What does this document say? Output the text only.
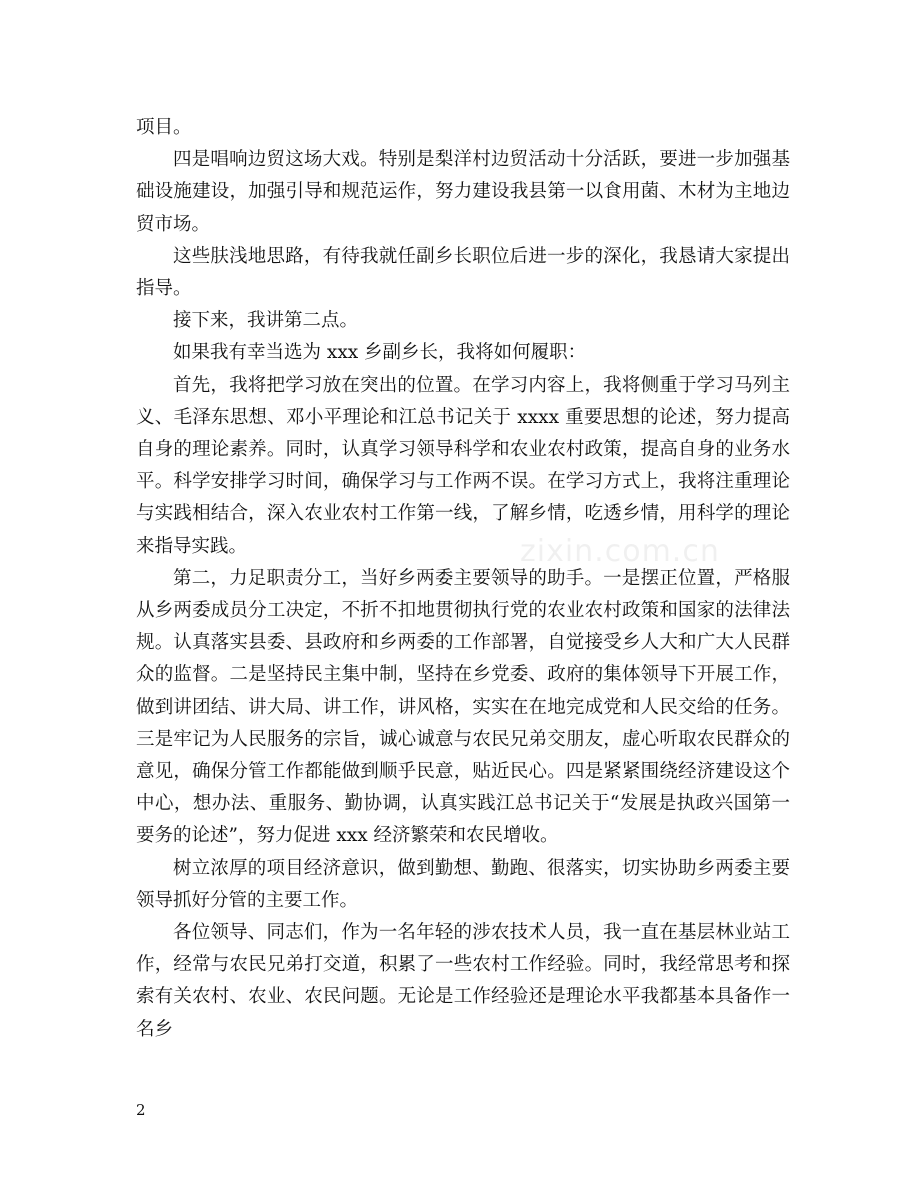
项目。

四是唱响边贸这场大戏。特别是梨洋村边贸活动十分活跃，要进一步加强基础设施建设，加强引导和规范运作，努力建设我县第一以食用菌、木材为主地边贸市场。

这些肤浅地思路，有待我就任副乡长职位后进一步的深化，我恳请大家提出指导。

接下来，我讲第二点。

如果我有幸当选为 xxx 乡副乡长，我将如何履职：

首先，我将把学习放在突出的位置。在学习内容上，我将侧重于学习马列主义、毛泽东思想、邓小平理论和江总书记关于 xxxx 重要思想的论述，努力提高自身的理论素养。同时，认真学习领导科学和农业农村政策，提高自身的业务水平。科学安排学习时间，确保学习与工作两不误。在学习方式上，我将注重理论与实践相结合，深入农业农村工作第一线，了解乡情，吃透乡情，用科学的理论来指导实践。

第二，力足职责分工，当好乡两委主要领导的助手。一是摆正位置，严格服从乡两委成员分工决定，不折不扣地贯彻执行党的农业农村政策和国家的法律法规。认真落实县委、县政府和乡两委的工作部署，自觉接受乡人大和广大人民群众的监督。二是坚持民主集中制，坚持在乡党委、政府的集体领导下开展工作，做到讲团结、讲大局、讲工作，讲风格，实实在在地完成党和人民交给的任务。三是牢记为人民服务的宗旨，诚心诚意与农民兄弟交朋友，虚心听取农民群众的意见，确保分管工作都能做到顺乎民意，贴近民心。四是紧紧围绕经济建设这个中心，想办法、重服务、勤协调，认真实践江总书记关于“发展是执政兴国第一要务的论述”，努力促进 xxx 经济繁荣和农民增收。

树立浓厚的项目经济意识，做到勤想、勤跑、很落实，切实协助乡两委主要领导抓好分管的主要工作。

各位领导、同志们，作为一名年轻的涉农技术人员，我一直在基层林业站工作，经常与农民兄弟打交道，积累了一些农村工作经验。同时，我经常思考和探索有关农村、农业、农民问题。无论是工作经验还是理论水平我都基本具备作一名乡

zixin.com.cn
2
